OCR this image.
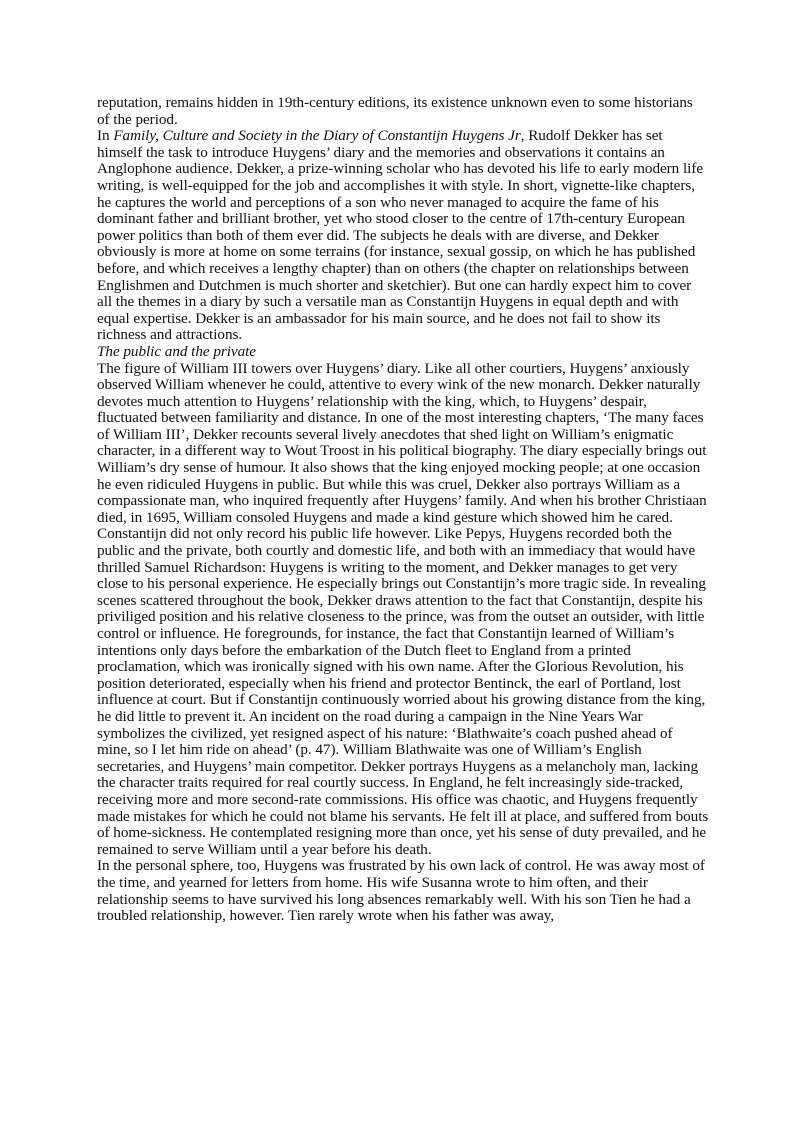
reputation, remains hidden in 19th-century editions, its existence unknown even to some historians of the period.

In Family, Culture and Society in the Diary of Constantijn Huygens Jr, Rudolf Dekker has set himself the task to introduce Huygens’ diary and the memories and observations it contains an Anglophone audience. Dekker, a prize-winning scholar who has devoted his life to early modern life writing, is well-equipped for the job and accomplishes it with style. In short, vignette-like chapters, he captures the world and perceptions of a son who never managed to acquire the fame of his dominant father and brilliant brother, yet who stood closer to the centre of 17th-century European power politics than both of them ever did. The subjects he deals with are diverse, and Dekker obviously is more at home on some terrains (for instance, sexual gossip, on which he has published before, and which receives a lengthy chapter) than on others (the chapter on relationships between Englishmen and Dutchmen is much shorter and sketchier). But one can hardly expect him to cover all the themes in a diary by such a versatile man as Constantijn Huygens in equal depth and with equal expertise. Dekker is an ambassador for his main source, and he does not fail to show its richness and attractions.

The public and the private

The figure of William III towers over Huygens’ diary. Like all other courtiers, Huygens’ anxiously observed William whenever he could, attentive to every wink of the new monarch. Dekker naturally devotes much attention to Huygens’ relationship with the king, which, to Huygens’ despair, fluctuated between familiarity and distance. In one of the most interesting chapters, ‘The many faces of William III’, Dekker recounts several lively anecdotes that shed light on William’s enigmatic character, in a different way to Wout Troost in his political biography. The diary especially brings out William’s dry sense of humour. It also shows that the king enjoyed mocking people; at one occasion he even ridiculed Huygens in public. But while this was cruel, Dekker also portrays William as a compassionate man, who inquired frequently after Huygens’ family. And when his brother Christiaan died, in 1695, William consoled Huygens and made a kind gesture which showed him he cared.

Constantijn did not only record his public life however. Like Pepys, Huygens recorded both the public and the private, both courtly and domestic life, and both with an immediacy that would have thrilled Samuel Richardson: Huygens is writing to the moment, and Dekker manages to get very close to his personal experience. He especially brings out Constantijn’s more tragic side. In revealing scenes scattered throughout the book, Dekker draws attention to the fact that Constantijn, despite his priviliged position and his relative closeness to the prince, was from the outset an outsider, with little control or influence. He foregrounds, for instance, the fact that Constantijn learned of William’s intentions only days before the embarkation of the Dutch fleet to England from a printed proclamation, which was ironically signed with his own name. After the Glorious Revolution, his position deteriorated, especially when his friend and protector Bentinck, the earl of Portland, lost influence at court. But if Constantijn continuously worried about his growing distance from the king, he did little to prevent it. An incident on the road during a campaign in the Nine Years War symbolizes the civilized, yet resigned aspect of his nature: ‘Blathwaite’s coach pushed ahead of mine, so I let him ride on ahead’ (p. 47). William Blathwaite was one of William’s English secretaries, and Huygens’ main competitor. Dekker portrays Huygens as a melancholy man, lacking the character traits required for real courtly success. In England, he felt increasingly side-tracked, receiving more and more second-rate commissions. His office was chaotic, and Huygens frequently made mistakes for which he could not blame his servants. He felt ill at place, and suffered from bouts of home-sickness. He contemplated resigning more than once, yet his sense of duty prevailed, and he remained to serve William until a year before his death.

In the personal sphere, too, Huygens was frustrated by his own lack of control. He was away most of the time, and yearned for letters from home. His wife Susanna wrote to him often, and their relationship seems to have survived his long absences remarkably well. With his son Tien he had a troubled relationship, however. Tien rarely wrote when his father was away,
